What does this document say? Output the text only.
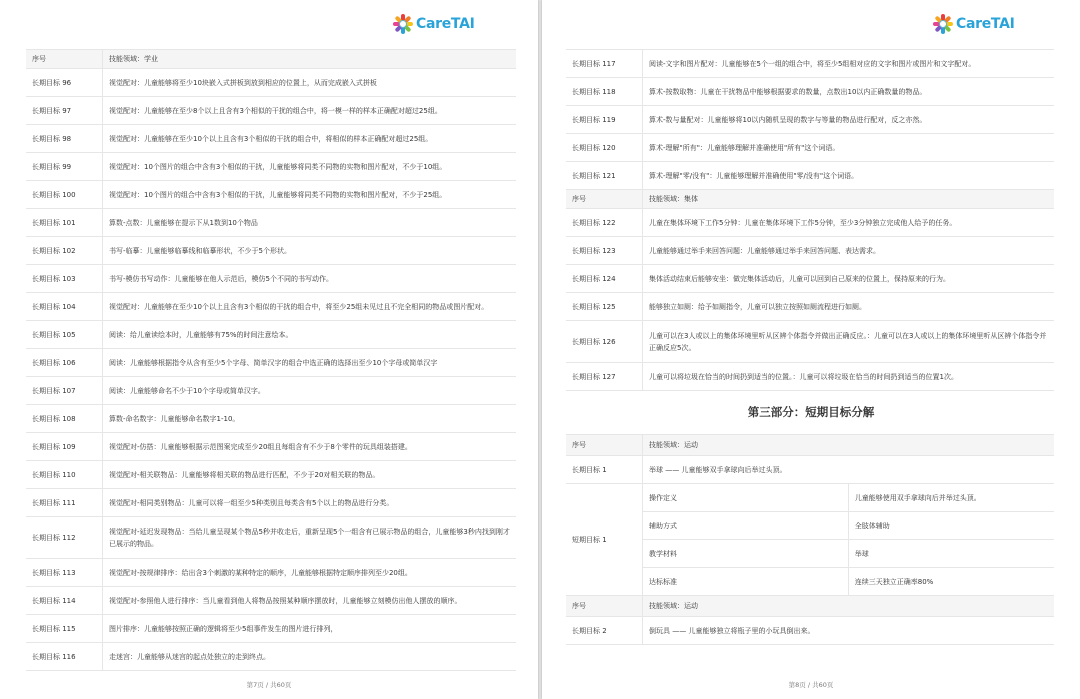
CareTAI
序号	技能领域：学业
长期目标 96	视觉配对：儿童能够将至少10块嵌入式拼板到放到相应的位置上，从而完成嵌入式拼板
长期目标 97	视觉配对：儿童能够在至少8个以上且含有3个相似的干扰的组合中，将一模一样的样本正确配对超过25组。
长期目标 98	视觉配对：儿童能够在至少10个以上且含有3个相似的干扰的组合中，将相似的样本正确配对超过25组。
长期目标 99	视觉配对：10个图片的组合中含有3个相似的干扰，儿童能够将同类不同物的实物和图片配对，不少于10组。
长期目标 100	视觉配对：10个图片的组合中含有3个相似的干扰，儿童能够将同类不同物的实物和图片配对，不少于25组。
长期目标 101	算数-点数：儿童能够在提示下从1数到10个物品
长期目标 102	书写-临摹：儿童能够临摹线和临摹形状，不少于5个形状。
长期目标 103	书写-模仿书写动作：儿童能够在他人示范后，模仿5个不同的书写动作。
长期目标 104	视觉配对：儿童能够在至少10个以上且含有3个相似的干扰的组合中，将至少25组未见过且不完全相同的物品或图片配对。
长期目标 105	阅读：给儿童读绘本时，儿童能够有75%的时间注意绘本。
长期目标 106	阅读：儿童能够根据指令从含有至少5个字母、简单汉字的组合中选正确的选择出至少10个字母或简单汉字
长期目标 107	阅读：儿童能够命名不少于10个字母或简单汉字。
长期目标 108	算数-命名数字：儿童能够命名数字1-10。
长期目标 109	视觉配对-仿搭：儿童能够根据示范图案完成至少20组且每组含有不少于8个零件的玩具组装搭建。
长期目标 110	视觉配对-相关联物品：儿童能够将相关联的物品进行匹配，不少于20对相关联的物品。
长期目标 111	视觉配对-相同类别物品：儿童可以将一组至少5种类别且每类含有5个以上的物品进行分类。
长期目标 112	视觉配对-延迟发现物品：当给儿童呈现某个物品5秒并收走后，重新呈现5个一组含有已展示物品的组合，儿童能够3秒内找到刚才已展示的物品。
长期目标 113	视觉配对-按规律排序：给出含3个刺激的某种特定的顺序，儿童能够根据特定顺序排列至少20组。
长期目标 114	视觉配对-参照他人进行排序：当儿童看到他人将物品按照某种顺序摆放时，儿童能够立刻模仿出他人摆放的顺序。
长期目标 115	图片排序：儿童能够按照正确的逻辑将至少5组事件发生的图片进行排列，
长期目标 116	走迷宫：儿童能够从迷宫的起点处独立的走到终点。
第7页 / 共60页
CareTAI
长期目标 117	阅读-文字和图片配对：儿童能够在5个一组的组合中，将至少5组相对应的文字和图片或图片和文字配对。
长期目标 118	算术-按数取物：儿童在干扰物品中能够根据要求的数量，点数出10以内正确数量的物品。
长期目标 119	算术-数与量配对：儿童能够将10以内随机呈现的数字与等量的物品进行配对，反之亦然。
长期目标 120	算术-理解"所有"：儿童能够理解并准确使用"所有"这个词语。
长期目标 121	算术-理解"零/没有"：儿童能够理解并准确使用"零/没有"这个词语。
序号	技能领域：集体
长期目标 122	儿童在集体环境下工作5分钟：儿童在集体环境下工作5分钟，至少3分钟独立完成他人给予的任务。
长期目标 123	儿童能够通过举手来回答问题：儿童能够通过举手来回答问题、表达需求。
长期目标 124	集体活动结束后能够安坐：做完集体活动后，儿童可以回到自己原来的位置上，保持原来的行为。
长期目标 125	能够独立如厕：给予如厕指令，儿童可以独立按照如厕流程进行如厕。
长期目标 126	儿童可以在3人或以上的集体环境里听从区辨个体指令并做出正确反应。：儿童可以在3人或以上的集体环境里听从区辨个体指令并正确反应5次。
长期目标 127	儿童可以将垃圾在恰当的时间扔到适当的位置。：儿童可以将垃圾在恰当的时间扔到适当的位置1次。
第三部分：短期目标分解
序号	技能领域：运动	
长期目标 1	举球 —— 儿童能够双手拿球向后举过头顶。	
短期目标 1	操作定义	儿童能够使用双手拿球向后并举过头顶。
	辅助方式	全肢体辅助
	教学材料	举球
	达标标准	连续三天独立正确率80%
序号	技能领域：运动	
长期目标 2	倒玩具 —— 儿童能够独立将瓶子里的小玩具倒出来。	
第8页 / 共60页
